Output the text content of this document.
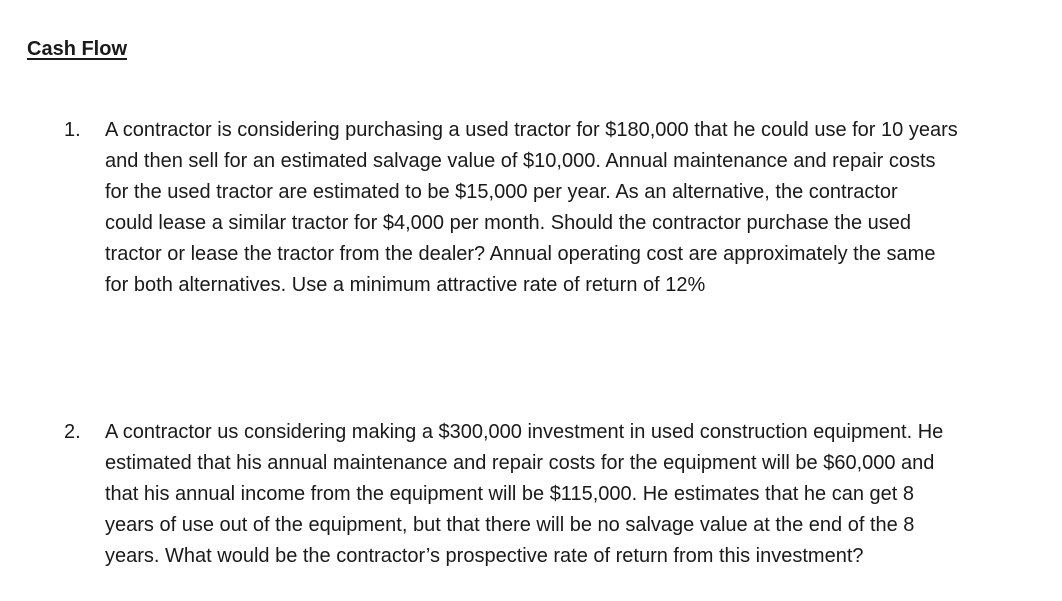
Cash Flow
1.	A contractor is considering purchasing a used tractor for $180,000 that he could use for 10 years
and then sell for an estimated salvage value of $10,000. Annual maintenance and repair costs
for the used tractor are estimated to be $15,000 per year. As an alternative, the contractor
could lease a similar tractor for $4,000 per month. Should the contractor purchase the used
tractor or lease the tractor from the dealer? Annual operating cost are approximately the same
for both alternatives. Use a minimum attractive rate of return of 12%
2.	A contractor us considering making a $300,000 investment in used construction equipment. He
estimated that his annual maintenance and repair costs for the equipment will be $60,000 and
that his annual income from the equipment will be $115,000. He estimates that he can get 8
years of use out of the equipment, but that there will be no salvage value at the end of the 8
years. What would be the contractor’s prospective rate of return from this investment?
